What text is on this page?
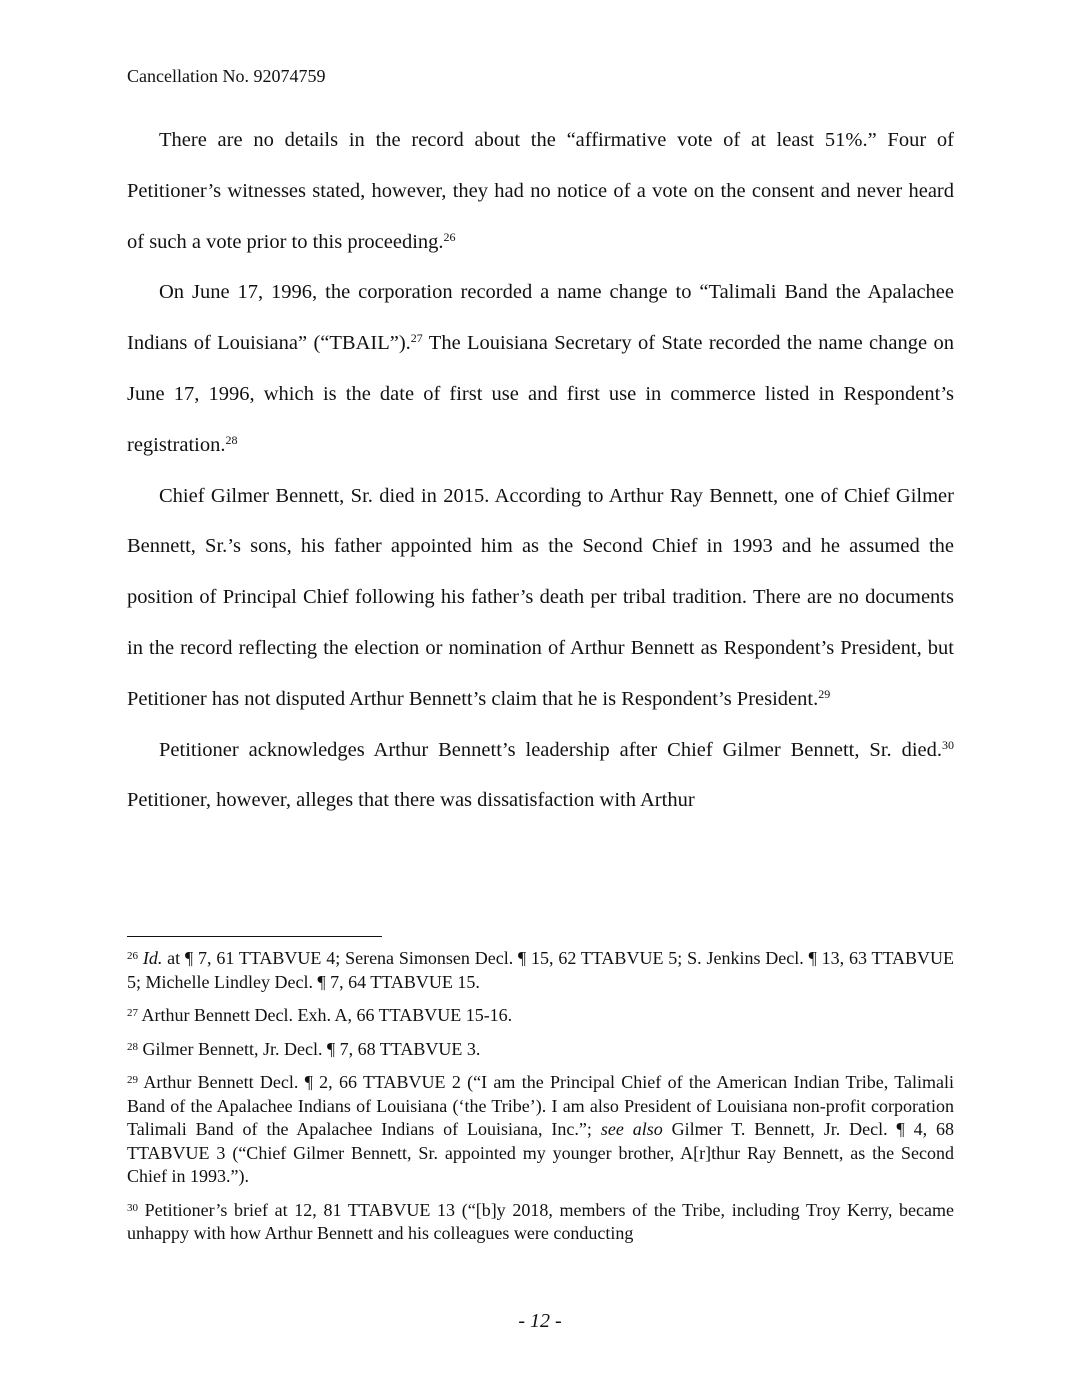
Cancellation No. 92074759

There are no details in the record about the “affirmative vote of at least 51%.” Four of Petitioner’s witnesses stated, however, they had no notice of a vote on the consent and never heard of such a vote prior to this proceeding.$^{26}$

On June 17, 1996, the corporation recorded a name change to “Talimali Band the Apalachee Indians of Louisiana” (“TBAIL”).$^{27}$ The Louisiana Secretary of State recorded the name change on June 17, 1996, which is the date of first use and first use in commerce listed in Respondent’s registration.$^{28}$

Chief Gilmer Bennett, Sr. died in 2015. According to Arthur Ray Bennett, one of Chief Gilmer Bennett, Sr.’s sons, his father appointed him as the Second Chief in 1993 and he assumed the position of Principal Chief following his father’s death per tribal tradition. There are no documents in the record reflecting the election or nomination of Arthur Bennett as Respondent’s President, but Petitioner has not disputed Arthur Bennett’s claim that he is Respondent’s President.$^{29}$

Petitioner acknowledges Arthur Bennett’s leadership after Chief Gilmer Bennett, Sr. died.$^{30}$ Petitioner, however, alleges that there was dissatisfaction with Arthur

$^{26}$ Id. at ¶ 7, 61 TTABVUE 4; Serena Simonsen Decl. ¶ 15, 62 TTABVUE 5; S. Jenkins Decl. ¶ 13, 63 TTABVUE 5; Michelle Lindley Decl. ¶ 7, 64 TTABVUE 15.

$^{27}$ Arthur Bennett Decl. Exh. A, 66 TTABVUE 15-16.

$^{28}$ Gilmer Bennett, Jr. Decl. ¶ 7, 68 TTABVUE 3.

$^{29}$ Arthur Bennett Decl. ¶ 2, 66 TTABVUE 2 (“I am the Principal Chief of the American Indian Tribe, Talimali Band of the Apalachee Indians of Louisiana (‘the Tribe’). I am also President of Louisiana non-profit corporation Talimali Band of the Apalachee Indians of Louisiana, Inc.”; see also Gilmer T. Bennett, Jr. Decl. ¶ 4, 68 TTABVUE 3 (“Chief Gilmer Bennett, Sr. appointed my younger brother, A[r]thur Ray Bennett, as the Second Chief in 1993.”).

$^{30}$ Petitioner’s brief at 12, 81 TTABVUE 13 (“[b]y 2018, members of the Tribe, including Troy Kerry, became unhappy with how Arthur Bennett and his colleagues were conducting

- 12 -
